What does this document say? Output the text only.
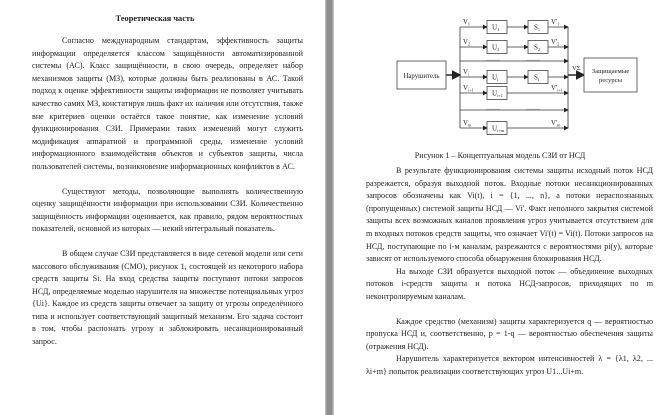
Теоретическая часть

Согласно международным стандартам, эффективность защиты информации определяется классом защищённости автоматизированной системы (АС). Класс защищённости, в свою очередь, определяет набор механизмов защиты (МЗ), которые должны быть реализованы в АС. Такой подход к оценке эффективности защиты информации не позволяет учитывать качество самих МЗ, констатируя лишь факт их наличия или отсутствия, также вне критериев оценки остаётся такое понятие, как изменение условий функционирования СЗИ. Примерами таких изменений могут служить модификация аппаратной и программной среды, изменение условий информационного взаимодействия объектов и субъектов защиты, числа пользователей системы, возникновение информационных конфликтов в АС.

Существуют методы, позволяющие выполнять количественную оценку защищённости информации при использовании СЗИ. Количественно защищённость информации оценивается, как правило, рядом вероятностных показателей, основной из которых — некий интегральный показатель.

В общем случае СЗИ представляется в виде сетевой модели или сети массового обслуживания (СМО), рисунок 1, состоящей из некоторого набора средств защиты Si. На вход средства защиты поступают потоки запросов НСД, определяемые моделью нарушителя на множестве потенциальных угроз {Ui}. Каждое из средств защиты отвечает за защиту от угрозы определённого типа и использует соответствующий защитный механизм. Его задача состоит в том, чтобы распознать угрозу и заблокировать несанкционированный запрос.

Нарушитель
Защищаемые
ресурсы
VΣ
$U_1$
$V_1$	$S_1$
$V'_1$
$U_2$
$V_2$	$S_2$
$V'_2$
$U_i$
$V_i$	$S_i$
$U_{i+1}$
$V_{i+1}$	$V'_{i+1}$
$U_{i+m}$
$V_m$	$V'_m$
·······	·······
·······	·······
Рисунок 1 – Концептуальная модель СЗИ от НСД

В результате функционирования системы защиты исходный поток НСД разрежается, образуя выходной поток. Входные потоки несанкционированных запросов обозначены как Vi(t), i = {1, ..., n}, а потоки нераспознанных (пропущенных) системой защиты НСД — Vi'. Факт неполного закрытия системой защиты всех возможных каналов проявления угроз учитывается отсутствием для m входных потоков средств защиты, что означает Vi'(t) = Vi(t). Потоки запросов на НСД, поступающие по i-м каналам, разрежаются с вероятностями pi(y), которые зависят от используемого способа обнаружения блокирования НСД.

На выходе СЗИ образуется выходной поток — объединение выходных потоков i-средств защиты и потока НСД-запросов, приходящих по m неконтролируемым каналам.

Каждое средство (механизм) защиты характеризуется q — вероятностью пропуска НСД и, соответственно, p = 1-q — вероятностью обеспечения защиты (отражения НСД).

Нарушитель характеризуется вектором интенсивностей λ = {λ1, λ2, ... λi+m} попыток реализации соответствующих угроз U1...Ui+m.
